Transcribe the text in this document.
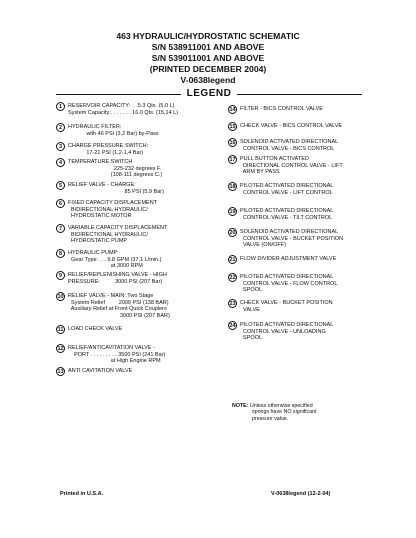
463 HYDRAULIC/HYDROSTATIC SCHEMATIC
S/N 538911001 AND ABOVE
S/N 539011001 AND ABOVE
(PRINTED DECEMBER 2004)
V-0638legend
LEGEND
1	RESERVOIR CAPACITY:  . .5.3 Qts. (5.0 L)
System Capacity:. . . . . . . 16.0 Qts. (15,14 L)
2	HYDRAULIC FILTER:
with 46 PSI (3,2 Bar) by-Pass
3	CHARGE PRESSURE SWITCH:
17-21 PSI (1,2-1,4 Bar)
4	TEMPERATURE SWITCH
225-232 degrees F.
(108-111 degrees C.)
5	RELIEF VALVE - CHARGE:
85 PSI (5,9 Bar)
6	FIXED CAPACITY DISPLACEMENT
BIDIRECTIONAL HYDRAULIC/
HYDROSTATIC MOTOR
7	VARIABLE CAPACITY DISPLACEMENT
BIDIRECTIONAL HYDRAULIC/
HYDROSTATIC PUMP
8	HYDRAULIC PUMP:
Gear Type . . . 9.8 GPM (37,1 L/min.)
at 3000 RPM
9	RELIEF/REPLENISHING VALVE - HIGH
PRESSURE:          3000 PSI (207 Bar)
10 RELIEF VALVE - MAIN: Two Stage
System Relief         2000 PSI (138 BAR)
Auxiliary Relief at Front Quick Couplers
3000 PSI (207 BAR)
11 LOAD CHECK VALVE
12 RELIEF/ANTICAVITATION VALVE -
PORT . . . . . . . . . 3500 PSI (241 Bar)
at High Engine RPM
13 ANTI CAVITATION VALVE
14 FILTER - BICS CONTROL VALVE
15 CHECK VALVE - BICS CONTROL VALVE
16 SOLENOID ACTIVATED DIRECTIONAL
CONTROL VALVE - BICS CONTROL
17 PULL BUTTON ACTIVATED
DIRECTIONAL CONTROL VALVE - LIFT
ARM BY PASS
18 PILOTED ACTIVATED DIRECTIONAL
CONTROL VALVE - LIFT CONTROL
19 PILOTED ACTIVATED DIRECTIONAL
CONTROL VALVE - TILT CONTROL
20 SOLENOID ACTIVATED DIRECTIONAL
CONTROL VALVE - BUCKET POSITION
VALVE (ON/OFF)
21 FLOW DIVIDER ADJUSTMENT VALVE
22 PILOTED ACTIVATED DIRECTIONAL
CONTROL VALVE - FLOW CONTROL
SPOOL
23 CHECK VALVE - BUCKET POSITION
VALVE
24 PILOTED ACTIVATED DIRECTIONAL
CONTROL VALVE - UNLOADING
SPOOL
NOTE: Unless otherwise specified
springs have NO significant
pressure value.
Printed in U.S.A.	V-0638legend (12-2-04)
